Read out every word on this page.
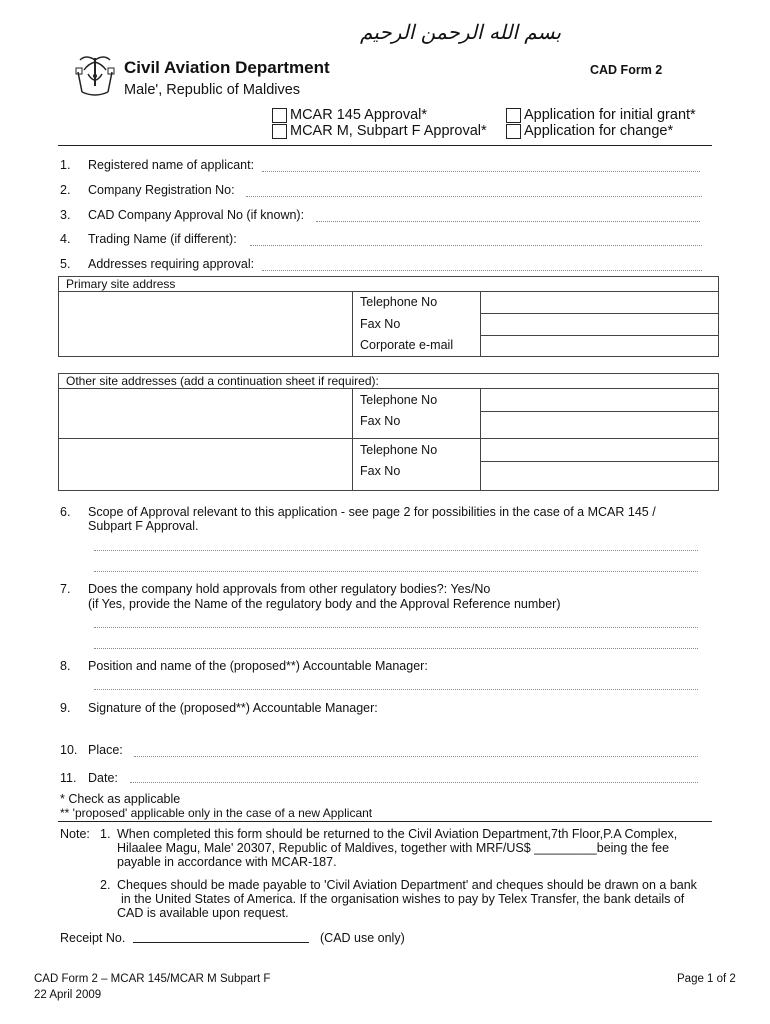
بسم الله الرحمن الرحيم
Civil Aviation Department
Male', Republic of Maldives
CAD Form 2
MCAR 145 Approval*
MCAR M, Subpart F Approval*
Application for initial grant*
Application for change*
1. Registered name of applicant:
2. Company Registration No:
3. CAD Company Approval No (if known):
4. Trading Name (if different):
5. Addresses requiring approval:
Primary site address
Telephone No
Fax No
Corporate e-mail
Other site addresses (add a continuation sheet if required):
Telephone No
Fax No
Telephone No
Fax No
6. Scope of Approval relevant to this application - see page 2 for possibilities in the case of a MCAR 145 /
Subpart F Approval.
7. Does the company hold approvals from other regulatory bodies?: Yes/No
(if Yes, provide the Name of the regulatory body and the Approval Reference number)
8. Position and name of the (proposed**) Accountable Manager:
9. Signature of the (proposed**) Accountable Manager:
10. Place:
11. Date:
* Check as applicable
** 'proposed' applicable only in the case of a new Applicant
Note: 1. When completed this form should be returned to the Civil Aviation Department,7th Floor,P.A Complex,
Hilaalee Magu, Male' 20307, Republic of Maldives, together with MRF/US$ _________being the fee
payable in accordance with MCAR-187.
2. Cheques should be made payable to 'Civil Aviation Department' and cheques should be drawn on a bank
in the United States of America. If the organisation wishes to pay by Telex Transfer, the bank details of
CAD is available upon request.
Receipt No.	(CAD use only)
CAD Form 2 – MCAR 145/MCAR M Subpart F
22 April 2009
Page 1 of 2
